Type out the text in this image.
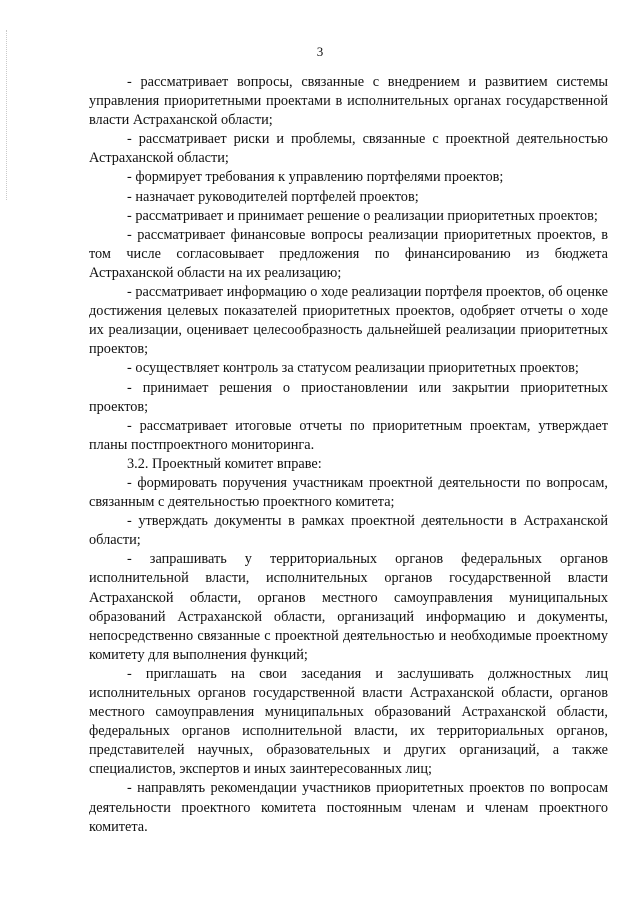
3

- рассматривает вопросы, связанные с внедрением и развитием системы управления приоритетными проектами в исполнительных органах государственной власти Астраханской области;

- рассматривает риски и проблемы, связанные с проектной деятельностью Астраханской области;

- формирует требования к управлению портфелями проектов;

- назначает руководителей портфелей проектов;

- рассматривает и принимает решение о реализации приоритетных проектов;

- рассматривает финансовые вопросы реализации приоритетных проектов, в том числе согласовывает предложения по финансированию из бюджета Астраханской области на их реализацию;

- рассматривает информацию о ходе реализации портфеля проектов, об оценке достижения целевых показателей приоритетных проектов, одобряет отчеты о ходе их реализации, оценивает целесообразность дальнейшей реализации приоритетных проектов;

- осуществляет контроль за статусом реализации приоритетных проектов;

- принимает решения о приостановлении или закрытии приоритетных проектов;

- рассматривает итоговые отчеты по приоритетным проектам, утверждает планы постпроектного мониторинга.

3.2. Проектный комитет вправе:

- формировать поручения участникам проектной деятельности по вопросам, связанным с деятельностью проектного комитета;

- утверждать документы в рамках проектной деятельности в Астраханской области;

- запрашивать у территориальных органов федеральных органов исполнительной власти, исполнительных органов государственной власти Астраханской области, органов местного самоуправления муниципальных образований Астраханской области, организаций информацию и документы, непосредственно связанные с проектной деятельностью и необходимые проектному комитету для выполнения функций;

- приглашать на свои заседания и заслушивать должностных лиц исполнительных органов государственной власти Астраханской области, органов местного самоуправления муниципальных образований Астраханской области, федеральных органов исполнительной власти, их территориальных органов, представителей научных, образовательных и других организаций, а также специалистов, экспертов и иных заинтересованных лиц;

- направлять рекомендации участников приоритетных проектов по вопросам деятельности проектного комитета постоянным членам и членам проектного комитета.
